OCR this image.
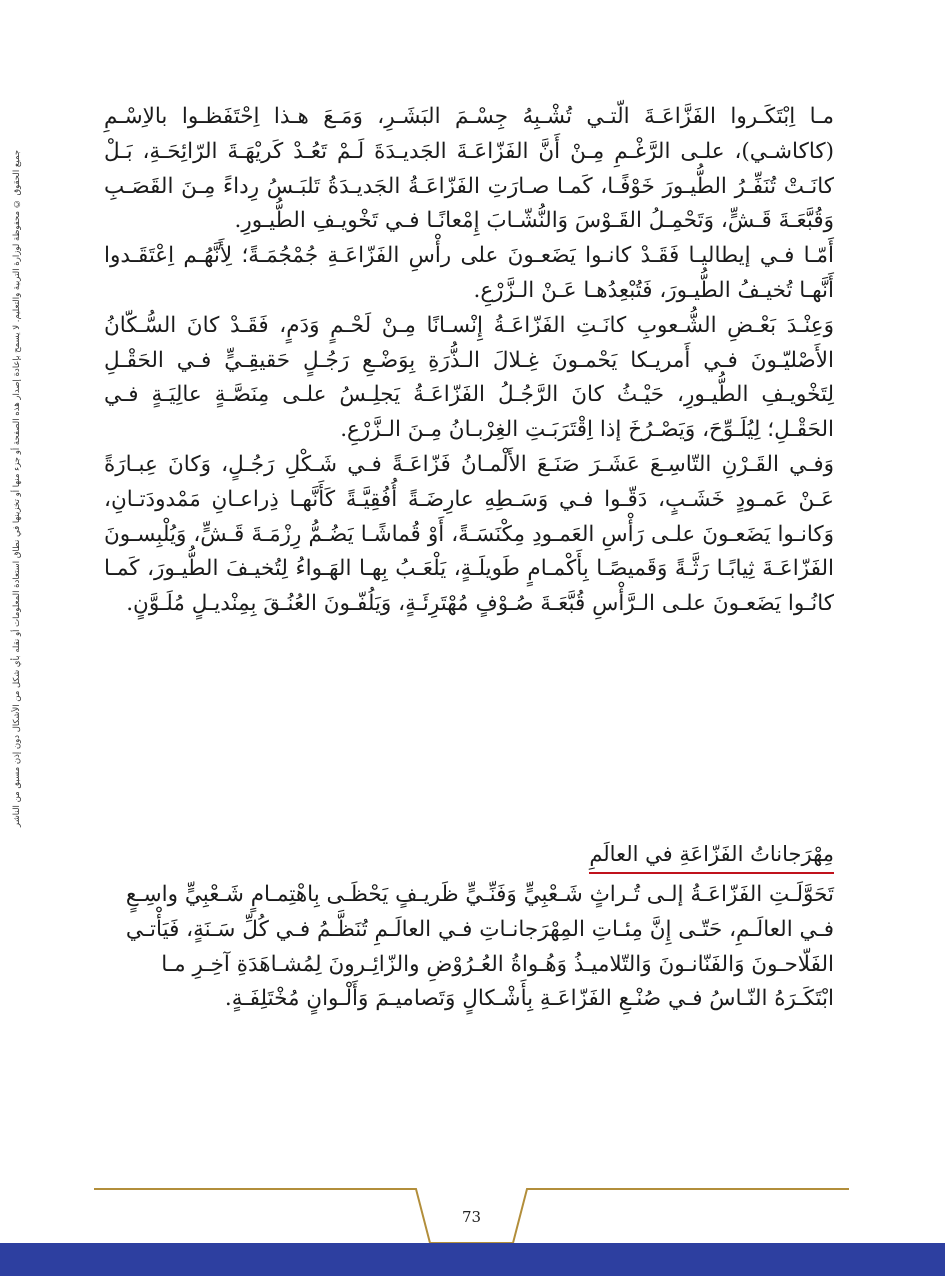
جميع الحقوق © محفوظة لوزارة التربية والتعليم. لا يسمح بإعادة إصدار هذه الصفحة أو جزء منها أو تخزينها في نطاق استعادة المعلومات أو نقله بأي شكل من الأشكال دون إذن مسبق من الناشر

مـا اِبْتَكَـروا الفَزَّاعَـةَ الّتـي تُشْـبِهُ جِسْـمَ البَشَـرِ، وَمَـعَ هـذا اِحْتَفَظـوا بالاِسْـمِ (كاكاشـي)، علـى الرَّغْـمِ مِـنْ أَنَّ الفَزّاعَـةَ الجَديـدَةَ لَـمْ تَعُـدْ كَريْهَـةَ الرّائِحَـةِ، بَـلْ كانَـتْ تُنَفِّـرُ الطُّيـورَ خَوْفًـا، كَمـا صـارَتِ الفَزّاعَـةُ الجَديـدَةُ تَلبَـسُ رِداءً مِـنَ القَصَـبِ وَقُبَّعَـةَ قَـشٍّ، وَتَحْمِـلُ القَـوْسَ وَالنُّشّـابَ إِمْعانًـا فـي تَخْويـفِ الطُّيـورِ.

أَمّـا فـي إيطاليـا فَقَـدْ كانـوا يَضَعـونَ على رأْسِ الفَزّاعَـةِ جُمْجُمَـةً؛ لِأَنَّهُـم اِعْتَقَـدوا أَنَّهـا تُخيـفُ الطُّيـورَ، فَتُبْعِدُهـا عَـنْ الـزَّرْعِ.

وَعِنْـدَ بَعْـضِ الشُّـعوبِ كانَـتِ الفَزّاعَـةُ إِنْسـانًا مِـنْ لَحْـمٍ وَدَمٍ، فَقَـدْ كانَ السُّـكّانُ الأَصْليّـونَ فـي أَمريـكا يَحْمـونَ غِـلالَ الـذُّرَةِ بِوَضْـعِ رَجُـلٍ حَقيقِـيٍّ فـي الحَقْـلِ لِتَخْويـفِ الطُّيـورِ، حَيْـثُ كانَ الرَّجُـلُ الفَزّاعَـةُ يَجلِـسُ علـى مِنَصَّـةٍ عالِيَـةٍ فـي الحَقْـلِ؛ لِيُلَـوِّحَ، وَيَصْـرُخَ إذا اِقْتَرَبَـتِ الغِرْبـانُ مِـنَ الـزَّرْعِ.

وَفـي القَـرْنِ التّاسِـعَ عَشَـرَ صَنَـعَ الأَلْمـانُ فَزّاعَـةً فـي شَـكْلِ رَجُـلٍ، وَكانَ عِبـارَةً عَـنْ عَمـودٍ خَشَـبٍ، دَقّـوا فـي وَسَـطِهِ عارِضَـةً أُفُقِيَّـةً كَأَنَّهـا ذِراعـانِ مَمْدودَتـانِ، وَكانـوا يَضَعـونَ علـى رَأْسِ العَمـودِ مِكْنَسَـةً، أَوْ قُماشًـا يَضُـمُّ رِزْمَـةَ قَـشٍّ، وَيُلْبِسـونَ الفَزّاعَـةَ ثِيابًـا رَثَّـةً وَقَميصًـا بِأَكْمـامٍ طَويلَـةٍ، يَلْعَـبُ بِهـا الهَـواءُ لِتُخيـفَ الطُّيـورَ، كَمـا كانُـوا يَضَعـونَ علـى الـرَّأْسِ قُبَّعَـةَ صُـوْفٍ مُهْتَرِئَـةٍ، وَيَلُفّـونَ العُنُـقَ بِمِنْديـلٍ مُلَـوَّنٍ.

مِهْرَجاناتُ الفَزّاعَةِ في العالَمِ

تَحَوَّلَـتِ الفَزّاعَـةُ إلـى تُـراثٍ شَـعْبِيٍّ وَفَنِّـيٍّ ظَريـفٍ يَحْظَـى بِاهْتِمـامٍ شَـعْبِيٍّ واسِـعٍ فـي العالَـمِ، حَتّـى إِنَّ مِئـاتِ المِهْرَجانـاتِ فـي العالَـمِ تُنَظَّـمُ فـي كُلِّ سَـنَةٍ، فَيَأْتـي الفَلّاحـونَ وَالفَنّانـونَ وَالتّلاميـذُ وَهُـواةُ العُـرُوْضِ والزّائِـرونَ لِمُشـاهَدَةِ آخِـرِ مـا ابْتَكَـرَهُ النّـاسُ فـي صُنْـعِ الفَزّاعَـةِ بِأَشْـكالٍ وَتَصاميـمَ وَأَلْـوانٍ مُخْتَلِفَـةٍ.

73
